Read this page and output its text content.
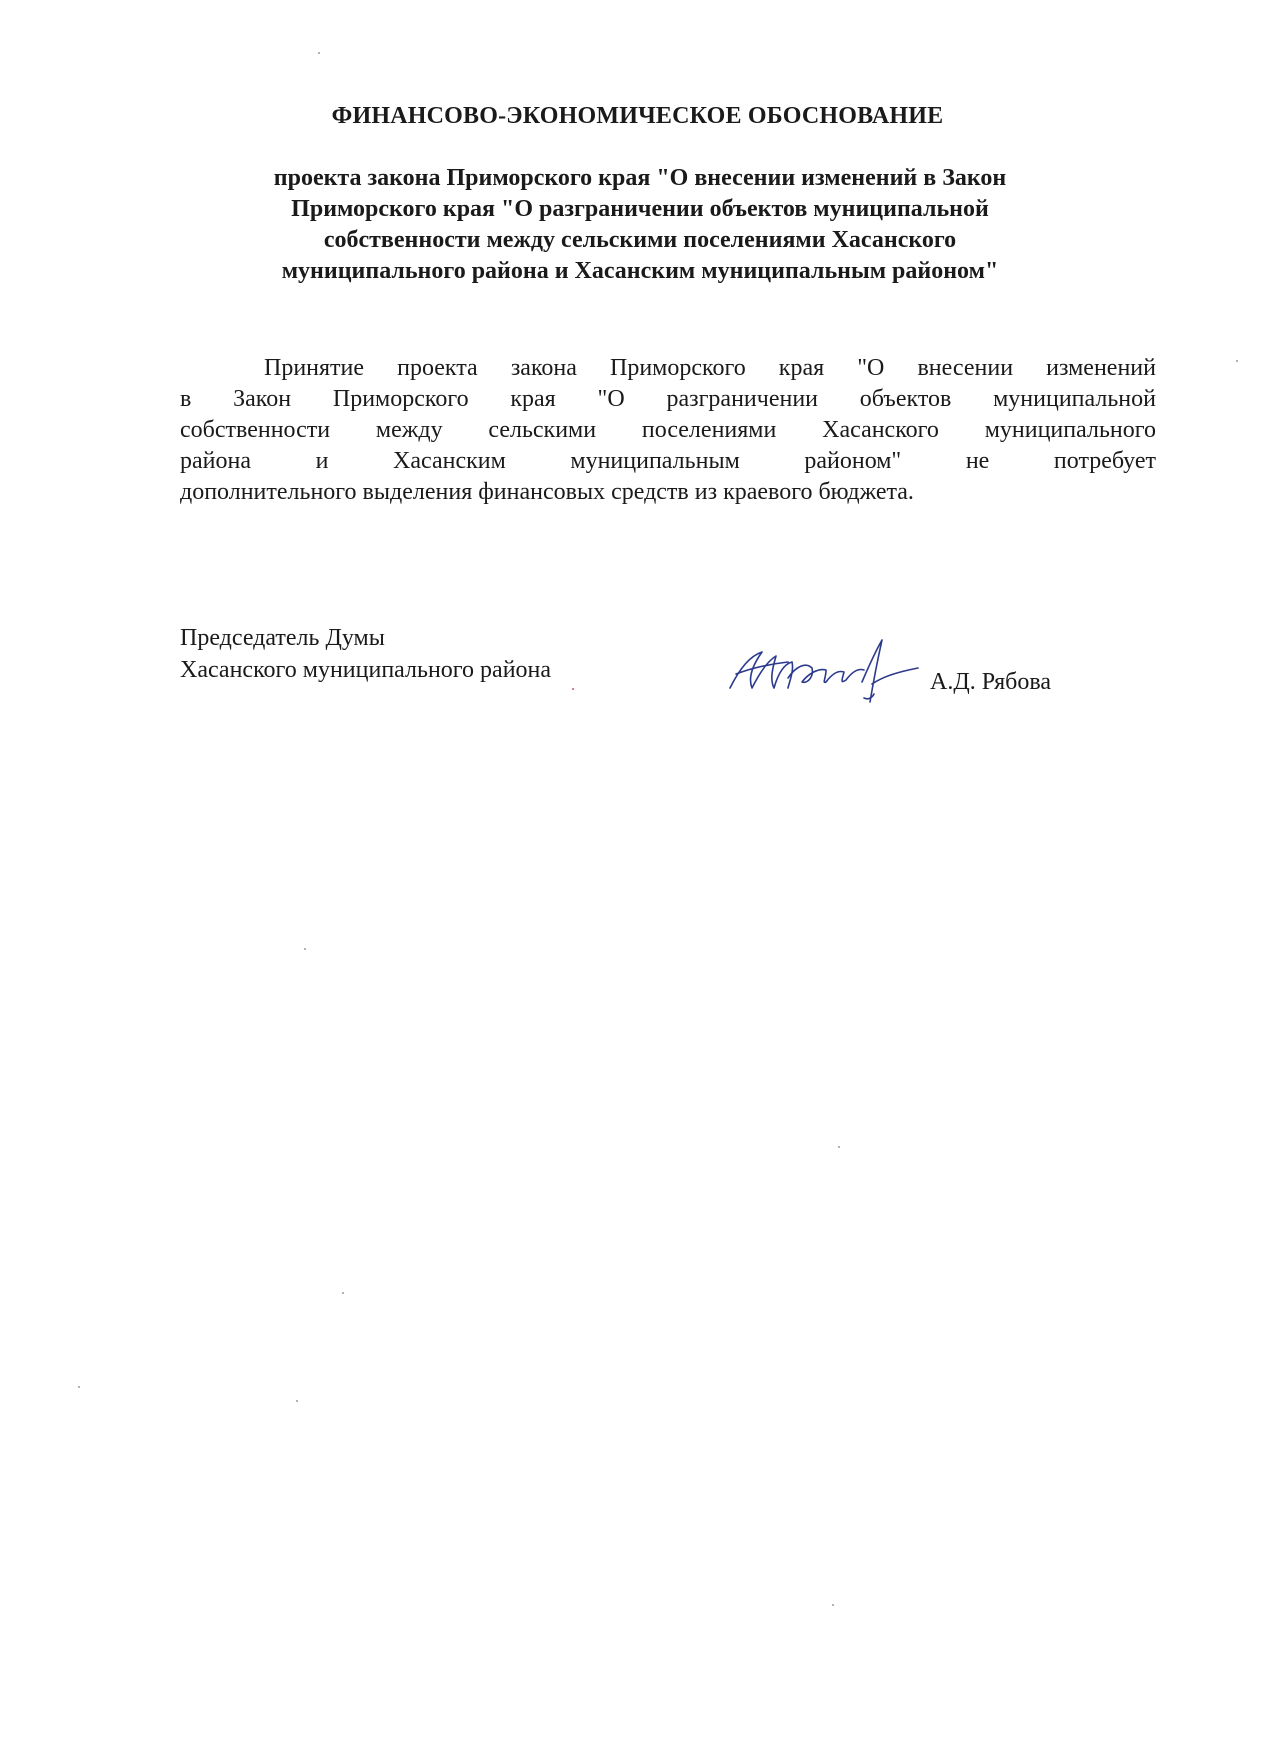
ФИНАНСОВО-ЭКОНОМИЧЕСКОЕ ОБОСНОВАНИЕ
проекта закона Приморского края "О внесении изменений в Закон
Приморского края "О разграничении объектов муниципальной
собственности между сельскими поселениями Хасанского
муниципального района и Хасанским муниципальным районом"
Принятие проекта закона Приморского края "О внесении изменений
в Закон Приморского края "О разграничении объектов муниципальной
собственности между сельскими поселениями Хасанского муниципального
района и Хасанским муниципальным районом" не потребует
дополнительного выделения финансовых средств из краевого бюджета.
Председатель Думы
Хасанского муниципального района	А.Д. Рябова
